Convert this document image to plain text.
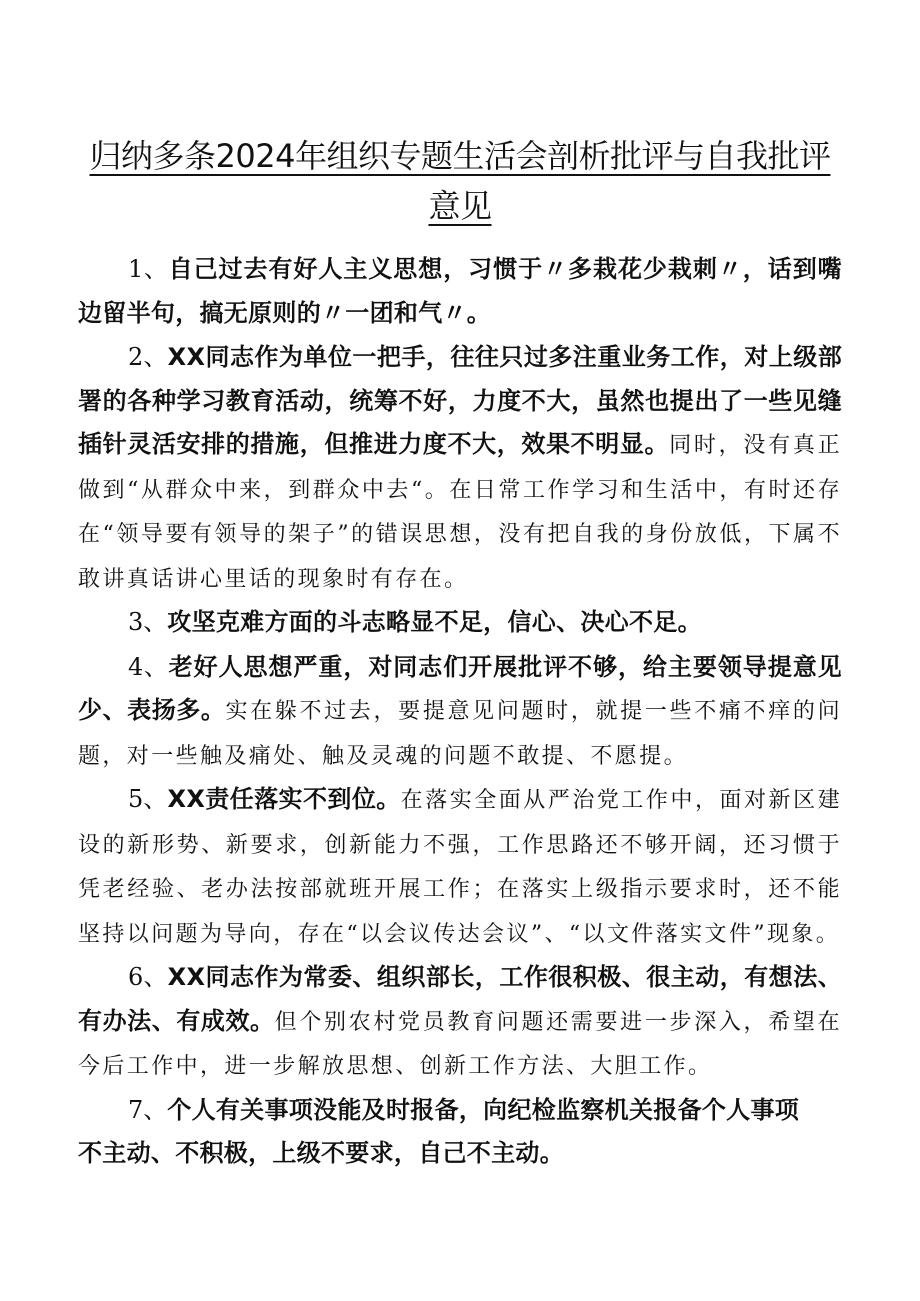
归纳多条2024年组织专题生活会剖析批评与自我批评
意见

1、自己过去有好人主义思想，习惯于〃多栽花少栽刺〃，话到嘴边留半句，搞无原则的〃一团和气〃。

2、XX同志作为单位一把手，往往只过多注重业务工作，对上级部署的各种学习教育活动，统筹不好，力度不大，虽然也提出了一些见缝插针灵活安排的措施，但推进力度不大，效果不明显。同时，没有真正做到“从群众中来，到群众中去“。在日常工作学习和生活中，有时还存在“领导要有领导的架子”的错误思想，没有把自我的身份放低，下属不敢讲真话讲心里话的现象时有存在。

3、攻坚克难方面的斗志略显不足，信心、决心不足。

4、老好人思想严重，对同志们开展批评不够，给主要领导提意见少、表扬多。实在躲不过去，要提意见问题时，就提一些不痛不痒的问题，对一些触及痛处、触及灵魂的问题不敢提、不愿提。

5、XX责任落实不到位。在落实全面从严治党工作中，面对新区建设的新形势、新要求，创新能力不强，工作思路还不够开阔，还习惯于凭老经验、老办法按部就班开展工作；在落实上级指示要求时，还不能坚持以问题为导向，存在“以会议传达会议”、“以文件落实文件”现象。

6、XX同志作为常委、组织部长，工作很积极、很主动，有想法、有办法、有成效。但个别农村党员教育问题还需要进一步深入，希望在今后工作中，进一步解放思想、创新工作方法、大胆工作。

7、个人有关事项没能及时报备，向纪检监察机关报备个人事项

不主动、不积极，上级不要求，自己不主动。
